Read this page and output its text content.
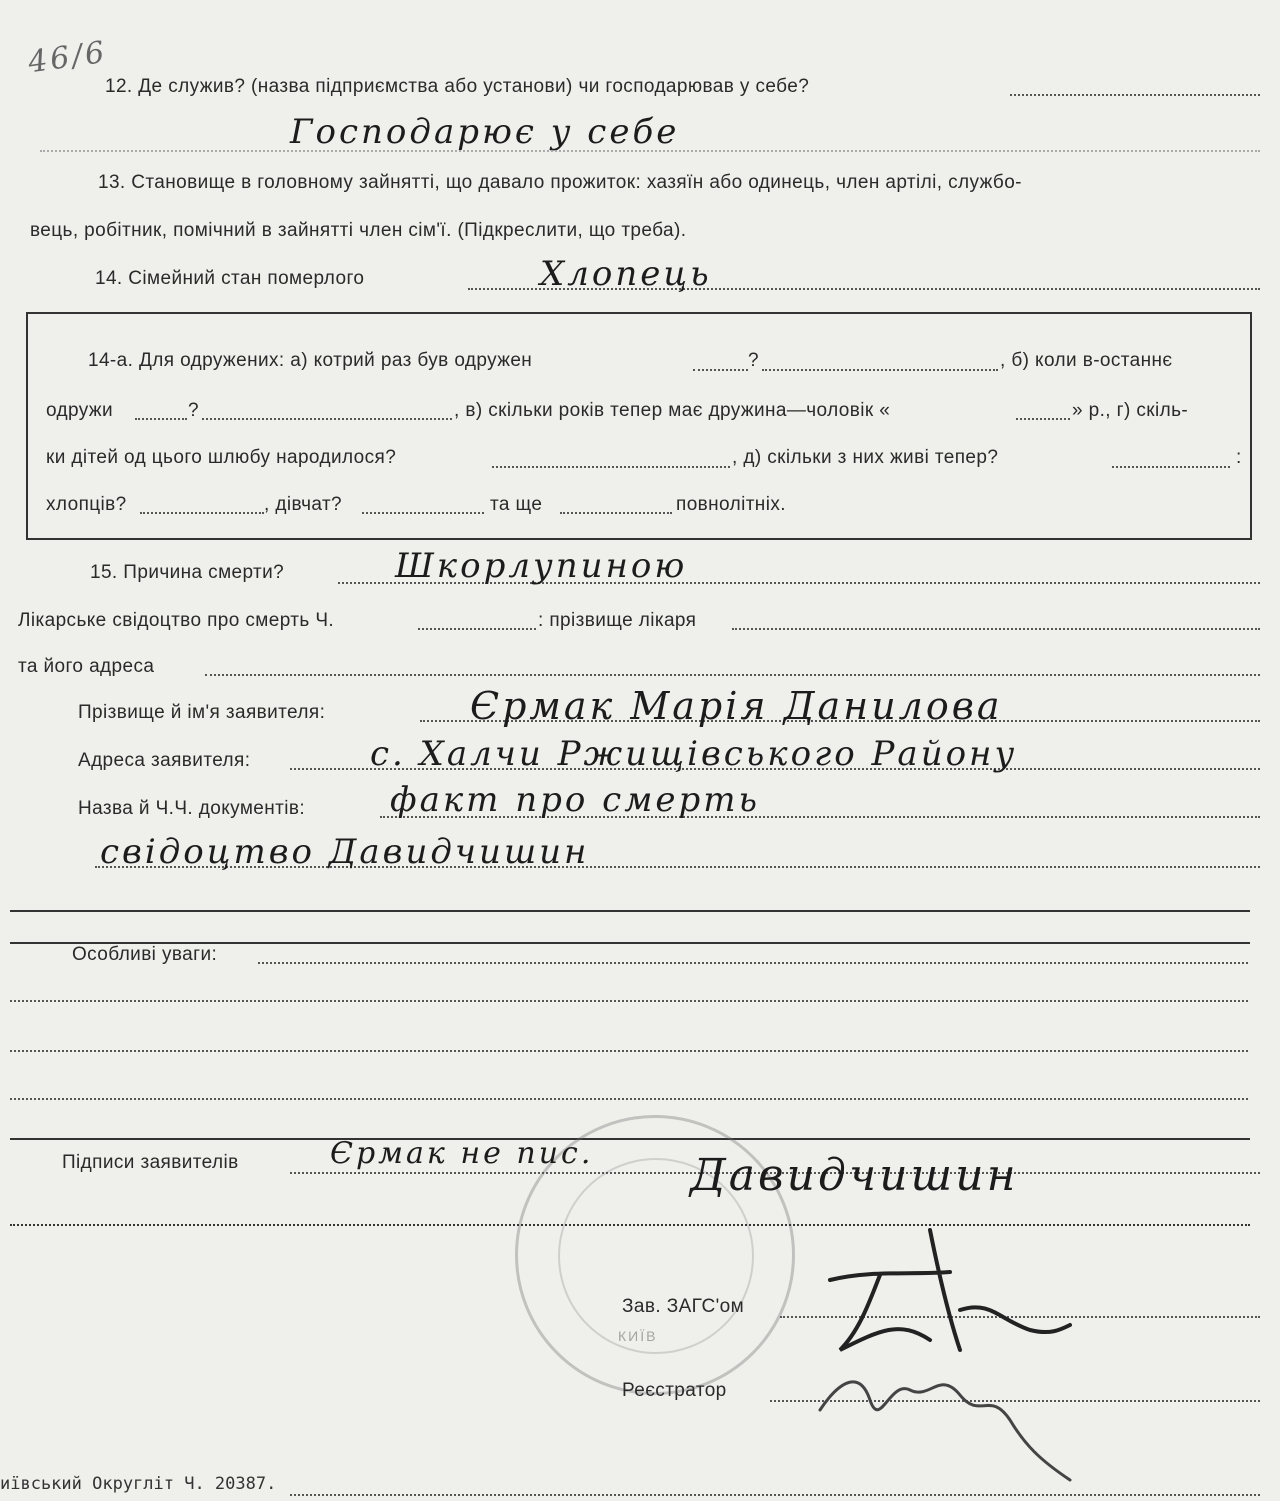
46/6
12. Де служив? (назва підприємства або установи) чи господарював у себе?
Господарює у себе
13. Становище в головному зайнятті, що давало прожиток: хазяїн або одинець, член артілі, службо-
вець, робітник, помічний в зайнятті член сім'ї. (Підкреслити, що треба).
14. Сімейний стан померлого	Хлопець
14-а. Для одружених: а) котрий раз був одружен	?	, б) коли в-останнє
одружи	?	, в) скільки років тепер має дружина—чоловік «	» р., г) скіль-
ки дітей од цього шлюбу народилося?	, д) скільки з них живі тепер?	:
хлопців?	, дівчат?	та ще	повнолітніх.
15. Причина смерти?	Шкорлупиною
Лікарське свідоцтво про смерть Ч.	: прізвище лікаря
та його адреса
Прізвище й ім'я заявителя:	Єрмак Марія Данилова
Адреса заявителя:	с. Халчи Ржищівського Району
Назва й Ч.Ч. документів: факт про смерть
свідоцтво Давидчишин
Особливі уваги:
КИЇВ
Підписи заявителів	Єрмак не пис. Давидчишин
Зав. ЗАГС'ом
Реєстратор
иївський Округліт Ч. 20387.
